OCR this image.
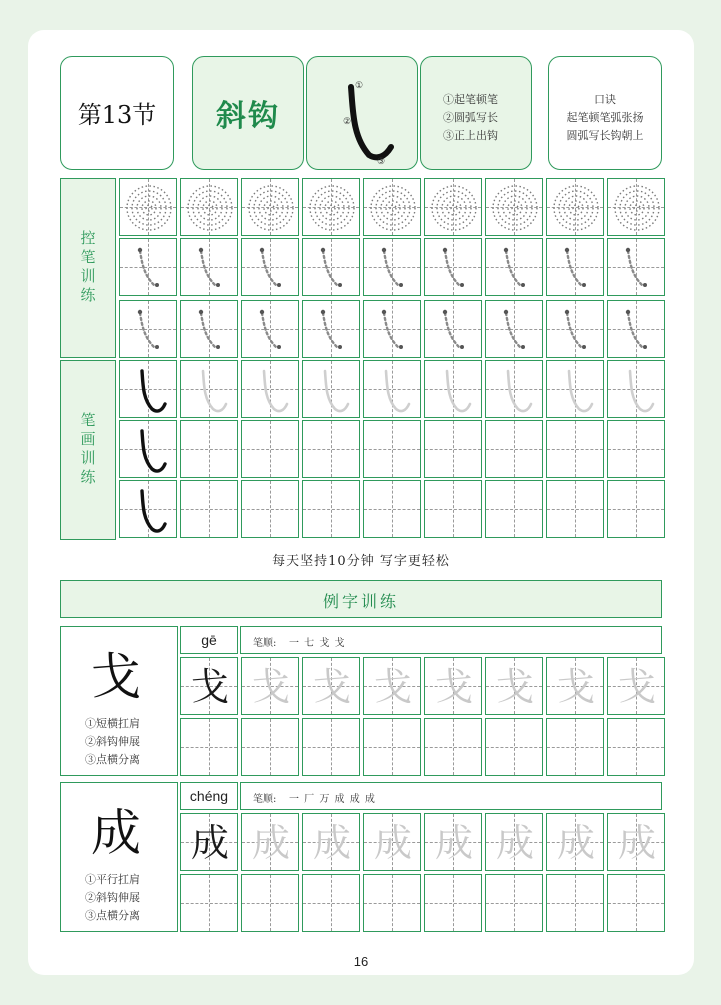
第13节	斜钩
①
②
③
①起笔顿笔
②圆弧写长
③正上出钩
口诀
起笔顿笔弧张扬
圆弧写长钩朝上
控笔训练
笔画训练
每天坚持10分钟 写字更轻松
例字训练
16
戈
①短横扛肩
②斜钩伸展
③点横分离
gē	笔顺: 一 七 戈 戈
戈 戈 戈 戈 戈 戈 戈 戈
成
①平行扛肩
②斜钩伸展
③点横分离
chéng	笔顺: 一 厂 万 成 成 成
成 成 成 成 成 成 成 成
